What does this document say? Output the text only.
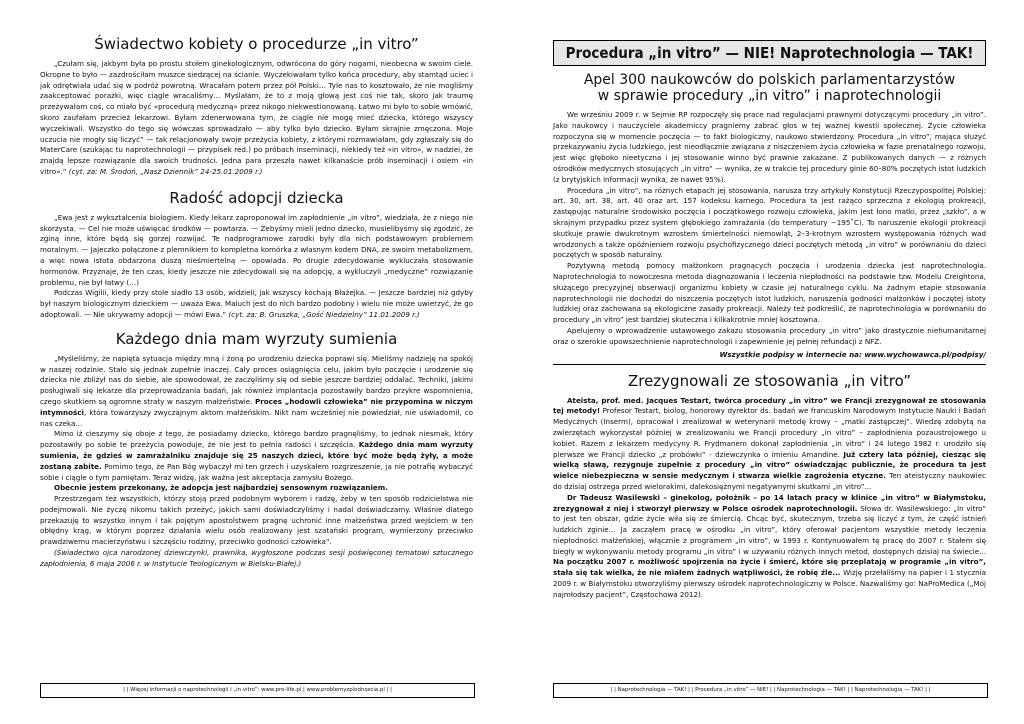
Świadectwo kobiety o procedurze „in vitro”

„Czułam się, jakbym była po prostu stołem ginekologicznym, odwrócona do góry nogami, nieobecna w swoim ciele. Okropne to było — zazdrościłam muszce siedzącej na ścianie. Wyczekiwałam tylko końca procedury, aby stamtąd uciec i jak odrętwiała udać się w podróż powrotną. Wracałam potem przez pół Polski… Tyle nas to kosztowało, że nie mogliśmy zaakceptować porażki, więc ciągle wracaliśmy… Myślałam, że to z moją głową jest coś nie tak, skoro jak traumę przeżywałam coś, co miało być «procedurą medyczną» przez nikogo niekwestionowaną. Łatwo mi było to sobie wmówić, skoro zaufałam przecież lekarzowi. Byłam zdenerwowana tym, że ciągle nie mogę mieć dziecka, którego wszyscy wyczekiwali. Wszystko do tego się wówczas sprowadzało — aby tylko było dziecko. Byłam skrajnie zmęczona. Moje uczucia nie mogły się liczyć” — tak relacjonowały swoje przeżycia kobiety, z którymi rozmawiałam, gdy zgłaszały się do MaterCare (szukając tu naprotechnologii — przypisek red.) po próbach inseminacji, niekiedy też «in vitro», w nadziei, że znajdą lepsze rozwiązanie dla swoich trudności. Jedna para przeszła nawet kilkanaście prób inseminacji i osiem «in vitro».” (cyt. za: M. Środoń, „Nasz Dziennik” 24-25.01.2009 r.)

Radość adopcji dziecka

„Ewa jest z wykształcenia biologiem. Kiedy lekarz zaproponował im zapłodnienie „in vitro”, wiedziała, że z niego nie skorzysta. — Cel nie może uświęcać środków — powtarza. — Żebyśmy mieli jedno dziecko, musielibyśmy się zgodzić, że zginą inne, które będą się gorzej rozwijać. Te nadprogramowe zarodki były dla nich podstawowym problemem moralnym. — Jajeczko połączone z plemnikiem to kompletna komórka z własnym kodem DNA, ze swoim metabolizmem, a więc nowa istota obdarzona duszą nieśmiertelną — opowiada. Po drugie zdecydowanie wykluczała stosowanie hormonów. Przyznaje, że ten czas, kiedy jeszcze nie zdecydowali się na adopcję, a wykluczyli „medyczne” rozwiązanie problemu, nie był łatwy (…)

Podczas Wigilii, kiedy przy stole siadło 13 osób, widzieli, jak wszyscy kochają Błażejka. — Jeszcze bardziej niż gdyby był naszym biologicznym dzieckiem — uważa Ewa. Maluch jest do nich bardzo podobny i wielu nie może uwierzyć, że go adoptowali. — Nie ukrywamy adopcji — mówi Ewa.” (cyt. za: B. Gruszka, „Gość Niedzielny” 11.01.2009 r.)

Każdego dnia mam wyrzuty sumienia

„Myśleliśmy, że napięta sytuacja między mną i żoną po urodzeniu dziecka poprawi się. Mieliśmy nadzieję na spokój w naszej rodzinie. Stało się jednak zupełnie inaczej. Cały proces osiągnięcia celu, jakim było poczęcie i urodzenie się dziecka nie zbliżył nas do siebie, ale spowodował, że zaczęliśmy się od siebie jeszcze bardziej oddalać. Techniki, jakimi posługiwali się lekarze dla przeprowadzania badań, jak również implantacja pozostawiły bardzo przykre wspomnienia, czego skutkiem są ogromne straty w naszym małżeństwie. Proces „hodowli człowieka” nie przypomina w niczym intymności, która towarzyszy zwyczajnym aktom małżeńskim. Nikt nam wcześniej nie powiedział, nie uświadomił, co nas czeka...

Mimo iż cieszymy się oboje z tego, że posiadamy dziecko, którego bardzo pragnęliśmy, to jednak niesmak, który pozostawiły po sobie te przeżycia powoduje, że nie jest to pełnia radości i szczęścia. Każdego dnia mam wyrzuty sumienia, że gdzieś w zamrażalniku znajduje się 25 naszych dzieci, które być może będą żyły, a może zostaną zabite. Pomimo tego, że Pan Bóg wybaczył mi ten grzech i uzyskałem rozgrzeszenie, ja nie potrafię wybaczyć sobie i ciągle o tym pamiętam. Teraz widzę, jak ważna jest akceptacja zamysłu Bożego.

Obecnie jestem przekonany, że adopcja jest najbardziej sensownym rozwiązaniem.

Przestrzegam też wszystkich, którzy stoją przed podobnym wyborem i radzę, żeby w ten sposób rodzicielstwa nie podejmowali. Nie życzę nikomu takich przeżyć, jakich sami doświadczyliśmy i nadal doświadczamy. Właśnie dlatego przekazuję to wszystko innym i tak pojętym apostolstwem pragnę uchronić inne małżeństwa przed wejściem w ten obłędny krąg, w którym poprzez działania wielu osób realizowany jest szatański program, wymierzony przeciwko prawdziwemu macierzyństwu i szczęściu rodziny, przeciwko godności człowieka”.

(Świadectwo ojca narodzonej dziewczynki, prawnika, wygłoszone podczas sesji poświęconej tematowi sztucznego zapłodnienia, 6 maja 2006 r. w Instytucie Teologicznym w Bielsku-Białej.)

| | Więcej informacji o naprotechnologii i „in vitro”: www.pro-life.pl | www.problemyzplodnoscia.pl | |
Procedura „in vitro” — NIE! Naprotechnologia — TAK!
Apel 300 naukowców do polskich parlamentarzystów
w sprawie procedury „in vitro” i naprotechnologii

We wrześniu 2009 r. w Sejmie RP rozpoczęły się prace nad regulacjami prawnymi dotyczącymi procedury „in vitro”. Jako naukowcy i nauczyciele akademiccy pragniemy zabrać głos w tej ważnej kwestii społecznej. Życie człowieka rozpoczyna się w momencie poczęcia — to fakt biologiczny, naukowo stwierdzony. Procedura „in vitro”, mająca służyć przekazywaniu życia ludzkiego, jest nieodłącznie związana z niszczeniem życia człowieka w fazie prenatalnego rozwoju, jest więc głęboko nieetyczna i jej stosowanie winno być prawnie zakazane. Z publikowanych danych — z różnych ośrodków medycznych stosujących „in vitro” — wynika, że w trakcie tej procedury ginie 60–80% poczętych istot ludzkich (z brytyjskich informacji wynika, że nawet 95%).

Procedura „in vitro”, na różnych etapach jej stosowania, narusza trzy artykuły Konstytucji Rzeczypospolitej Polskiej: art. 30, art. 38, art. 40 oraz art. 157 kodeksu karnego. Procedura ta jest rażąco sprzeczna z ekologią prokreacji, zastępując naturalne środowisko poczęcia i początkowego rozwoju człowieka, jakim jest łono matki, przez „szkło”, a w skrajnym przypadku przez system głębokiego zamrażania (do temperatury −195˚C). To naruszenie ekologii prokreacji skutkuje prawie dwukrotnym wzrostem śmiertelności niemowląt, 2–3-krotnym wzrostem występowania różnych wad wrodzonych a także opóźnieniem rozwoju psychofizycznego dzieci poczętych metodą „in vitro” w porównaniu do dzieci poczętych w sposób naturalny.

Pozytywną metodą pomocy małżonkom pragnących poczęcia i urodzenia dziecka jest naprotechnologia. Naprotechnologia to nowoczesna metoda diagnozowania i leczenia niepłodności na podstawie tzw. Modelu Creightona, służącego precyzyjnej obserwacji organizmu kobiety w czasie jej naturalnego cyklu. Na żadnym etapie stosowania naprotechnologii nie dochodzi do niszczenia poczętych istot ludzkich, naruszenia godności małżonków i poczętej istoty ludzkiej oraz zachowana są ekologiczne zasady prokreacji. Należy też podkreślić, że naprotechnologia w porównaniu do procedury „in vitro” jest bardziej skuteczna i kilkakrotnie mniej kosztowna.

Apelujemy o wprowadzenie ustawowego zakazu stosowania procedury „in vitro” jako drastycznie niehumanitarnej oraz o szerokie upowszechnienie naprotechnologii i zapewnienie jej pełnej refundacji z NFZ.

Wszystkie podpisy w internecie na: www.wychowawca.pl/podpisy/
Zrezygnowali ze stosowania „in vitro”

Ateista, prof. med. Jacques Testart, twórca procedury „in vitro” we Francji zrezygnował ze stosowania tej metody! Profesor Testart, biolog, honorowy dyrektor ds. badań we francuskim Narodowym Instytucie Nauki i Badań Medycznych (Inserm), opracował i zrealizował w weterynarii metodę krowy – „matki zastępczej”. Wiedzę zdobytą na zwierzętach wykorzystał później w zrealizowaniu we Francji procedury „in vitro” – zapłodnienia pozaustrojowego u kobiet. Razem z lekarzem medycyny R. Frydmanem dokonał zapłodnienia „in vitro” i 24 lutego 1982 r. urodziło się pierwsze we Francji dziecko „z probówki” - dziewczynka o imieniu Amandine. Już cztery lata później, ciesząc się wielką sławą, rezygnuje zupełnie z procedury „in vitro” oświadczając publicznie, że procedura ta jest wielce niebezpieczna w sensie medycznym i stwarza wielkie zagrożenia etyczne. Ten ateistyczny naukowiec do dzisiaj ostrzega przed wielorakimi, dalekosiężnymi negatywnymi skutkami „in vitro”...

Dr Tadeusz Wasilewski – ginekolog, położnik – po 14 latach pracy w klinice „in vitro” w Białymstoku, zrezygnował z niej i stworzył pierwszy w Polsce ośrodek naprotechnologii. Słowa dr. Wasilewskiego: „In vitro” to jest ten obszar, gdzie życie wiła się ze śmiercią. Chcąc być, skutecznym, trzeba się liczyć z tym, że część istnień ludzkich zginie... Ja zacząłem pracę w ośrodku „in vitro”, który oferował pacjentom wszystkie metody leczenia niepłodności małżeńskiej, włącznie z programem „in vitro”, w 1993 r. Kontynuowałem tę pracę do 2007 r. Stałem się biegły w wykonywaniu metody programu „in vitro” i w używaniu różnych innych metod, dostępnych dzisiaj na świecie... Na początku 2007 r. możliwość spojrzenia na życie i śmierć, które się przeplatają w programie „in vitro”, stała się tak wielka, że nie miałem żadnych wątpliwości, że robię źle... Wizję przełaliśmy na papier i 1 stycznia 2009 r. w Białymstoku otworzyliśmy pierwszy ośrodek naprotechnologiczny w Polsce. Nazwaliśmy go: NaProMedica („Mój najmłodszy pacjent”, Częstochowa 2012).

| | Naprotechnologia — TAK! | | Procedura „in vitro” — NIE! | | Naprotechnologia — TAK! | | Naprotechnologia — TAK! | |
